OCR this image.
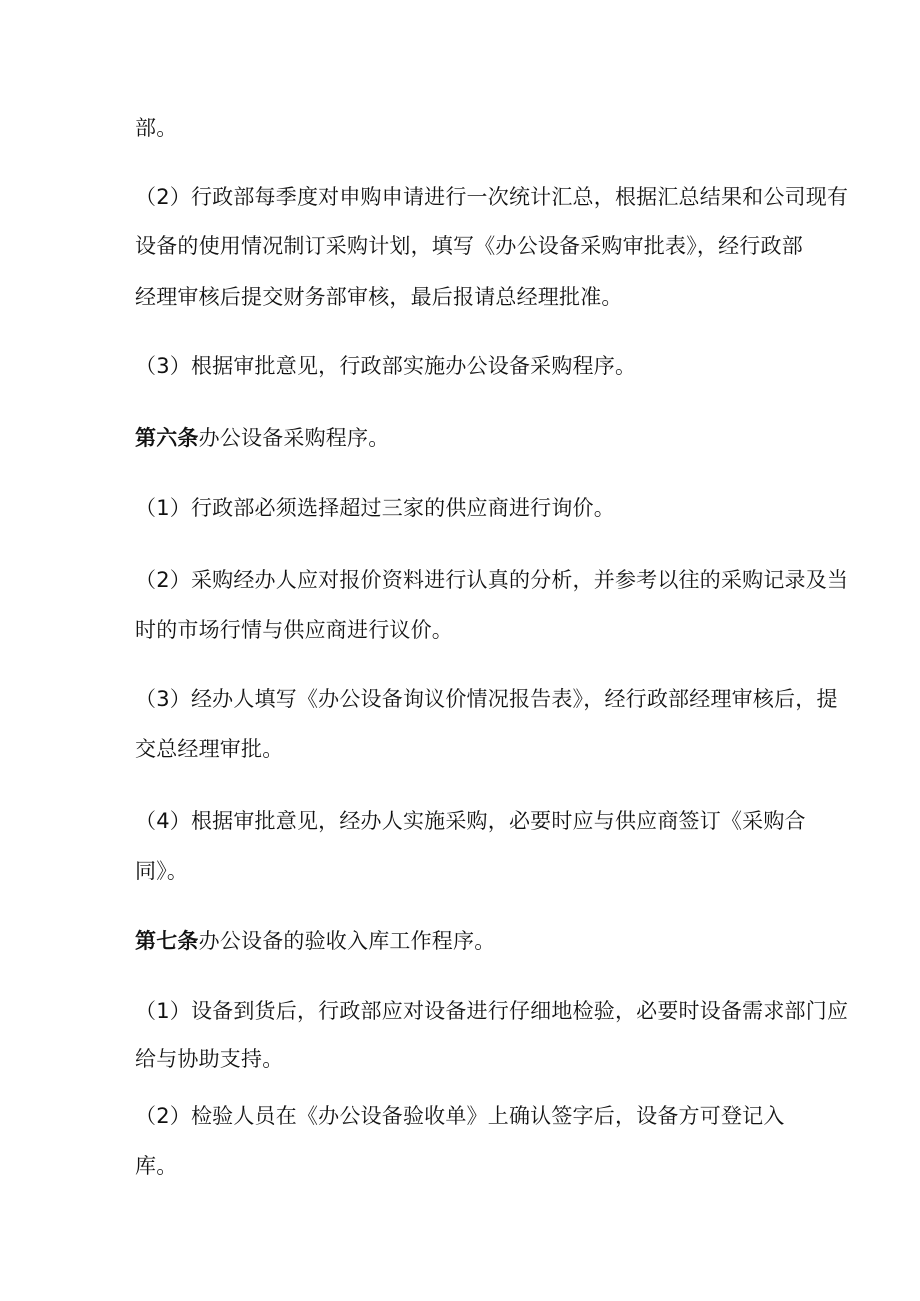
部。
（2）行政部每季度对申购申请进行一次统计汇总，根据汇总结果和公司现有
设备的使用情况制订采购计划，填写《办公设备采购审批表》，经行政部
经理审核后提交财务部审核，最后报请总经理批准。
（3）根据审批意见，行政部实施办公设备采购程序。
第六条办公设备采购程序。
（1）行政部必须选择超过三家的供应商进行询价。
（2）采购经办人应对报价资料进行认真的分析，并参考以往的采购记录及当
时的市场行情与供应商进行议价。
（3）经办人填写《办公设备询议价情况报告表》，经行政部经理审核后，提
交总经理审批。
（4）根据审批意见，经办人实施采购，必要时应与供应商签订《采购合
同》。
第七条办公设备的验收入库工作程序。
（1）设备到货后，行政部应对设备进行仔细地检验，必要时设备需求部门应
给与协助支持。
（2）检验人员在《办公设备验收单》上确认签字后，设备方可登记入
库。
